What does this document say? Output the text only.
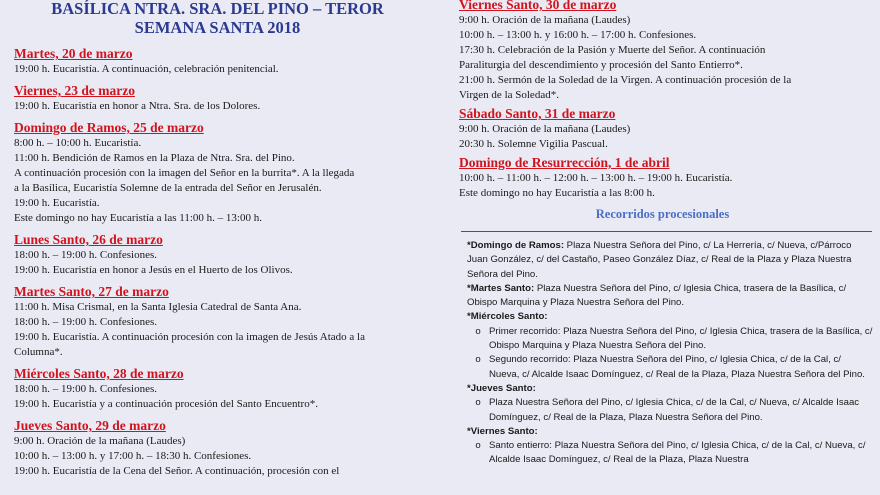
BASÍLICA NTRA. SRA. DEL PINO – TEROR
SEMANA SANTA 2018
Martes, 20 de marzo
19:00 h. Eucaristía. A continuación, celebración penitencial.
Viernes, 23 de marzo
19:00 h. Eucaristía en honor a Ntra. Sra. de los Dolores.
Domingo de Ramos, 25 de marzo
8:00 h. – 10:00 h. Eucaristía.
11:00 h. Bendición de Ramos en la Plaza de Ntra. Sra. del Pino.
A continuación procesión con la imagen del Señor en la burrita*. A la llegada
a la Basílica, Eucaristía Solemne de la entrada del Señor en Jerusalén.
19:00 h. Eucaristía.
Este domingo no hay Eucaristía a las 11:00 h. – 13:00 h.
Lunes Santo, 26 de marzo
18:00 h. – 19:00 h. Confesiones.
19:00 h. Eucaristía en honor a Jesús en el Huerto de los Olivos.
Martes Santo, 27 de marzo
11:00 h. Misa Crismal, en la Santa Iglesia Catedral de Santa Ana.
18:00 h. – 19:00 h. Confesiones.
19:00 h. Eucaristía. A continuación procesión con la imagen de Jesús Atado a la
Columna*.
Miércoles Santo, 28 de marzo
18:00 h. – 19:00 h. Confesiones.
19:00 h. Eucaristía y a continuación procesión del Santo Encuentro*.
Jueves Santo, 29 de marzo
9:00 h. Oración de la mañana (Laudes)
10:00 h. – 13:00 h. y 17:00 h. – 18:30 h. Confesiones.
19:00 h. Eucaristía de la Cena del Señor. A continuación, procesión con el
Viernes Santo, 30 de marzo
9:00 h. Oración de la mañana (Laudes)
10:00 h. – 13:00 h. y 16:00 h. – 17:00 h. Confesiones.
17:30 h. Celebración de la Pasión y Muerte del Señor. A continuación
Paraliturgia del descendimiento y procesión del Santo Entierro*.
21:00 h. Sermón de la Soledad de la Virgen. A continuación procesión de la
Virgen de la Soledad*.
Sábado Santo, 31 de marzo
9:00 h. Oración de la mañana (Laudes)
20:30 h. Solemne Vigilia Pascual.
Domingo de Resurrección, 1 de abril
10:00 h. – 11:00 h. – 12:00 h. – 13:00 h. – 19:00 h. Eucaristía.
Este domingo no hay Eucaristía a las 8:00 h.
Recorridos procesionales
*Domingo de Ramos: Plaza Nuestra Señora del Pino, c/ La Herrería, c/ Nueva, c/Párroco Juan González, c/ del Castaño, Paseo González Díaz, c/ Real de la Plaza y Plaza Nuestra Señora del Pino.
*Martes Santo: Plaza Nuestra Señora del Pino, c/ Iglesia Chica, trasera de la Basílica, c/ Obispo Marquina y Plaza Nuestra Señora del Pino.
*Miércoles Santo:
o Primer recorrido: Plaza Nuestra Señora del Pino, c/ Iglesia Chica, trasera de la Basílica, c/ Obispo Marquina y Plaza Nuestra Señora del Pino.
o Segundo recorrido: Plaza Nuestra Señora del Pino, c/ Iglesia Chica, c/ de la Cal, c/ Nueva, c/ Alcalde Isaac Domínguez, c/ Real de la Plaza, Plaza Nuestra Señora del Pino.
*Jueves Santo:
o Plaza Nuestra Señora del Pino, c/ Iglesia Chica, c/ de la Cal, c/ Nueva, c/ Alcalde Isaac Domínguez, c/ Real de la Plaza, Plaza Nuestra Señora del Pino.
*Viernes Santo:
o Santo entierro: Plaza Nuestra Señora del Pino, c/ Iglesia Chica, c/ de la Cal, c/ Nueva, c/ Alcalde Isaac Domínguez, c/ Real de la Plaza, Plaza Nuestra
